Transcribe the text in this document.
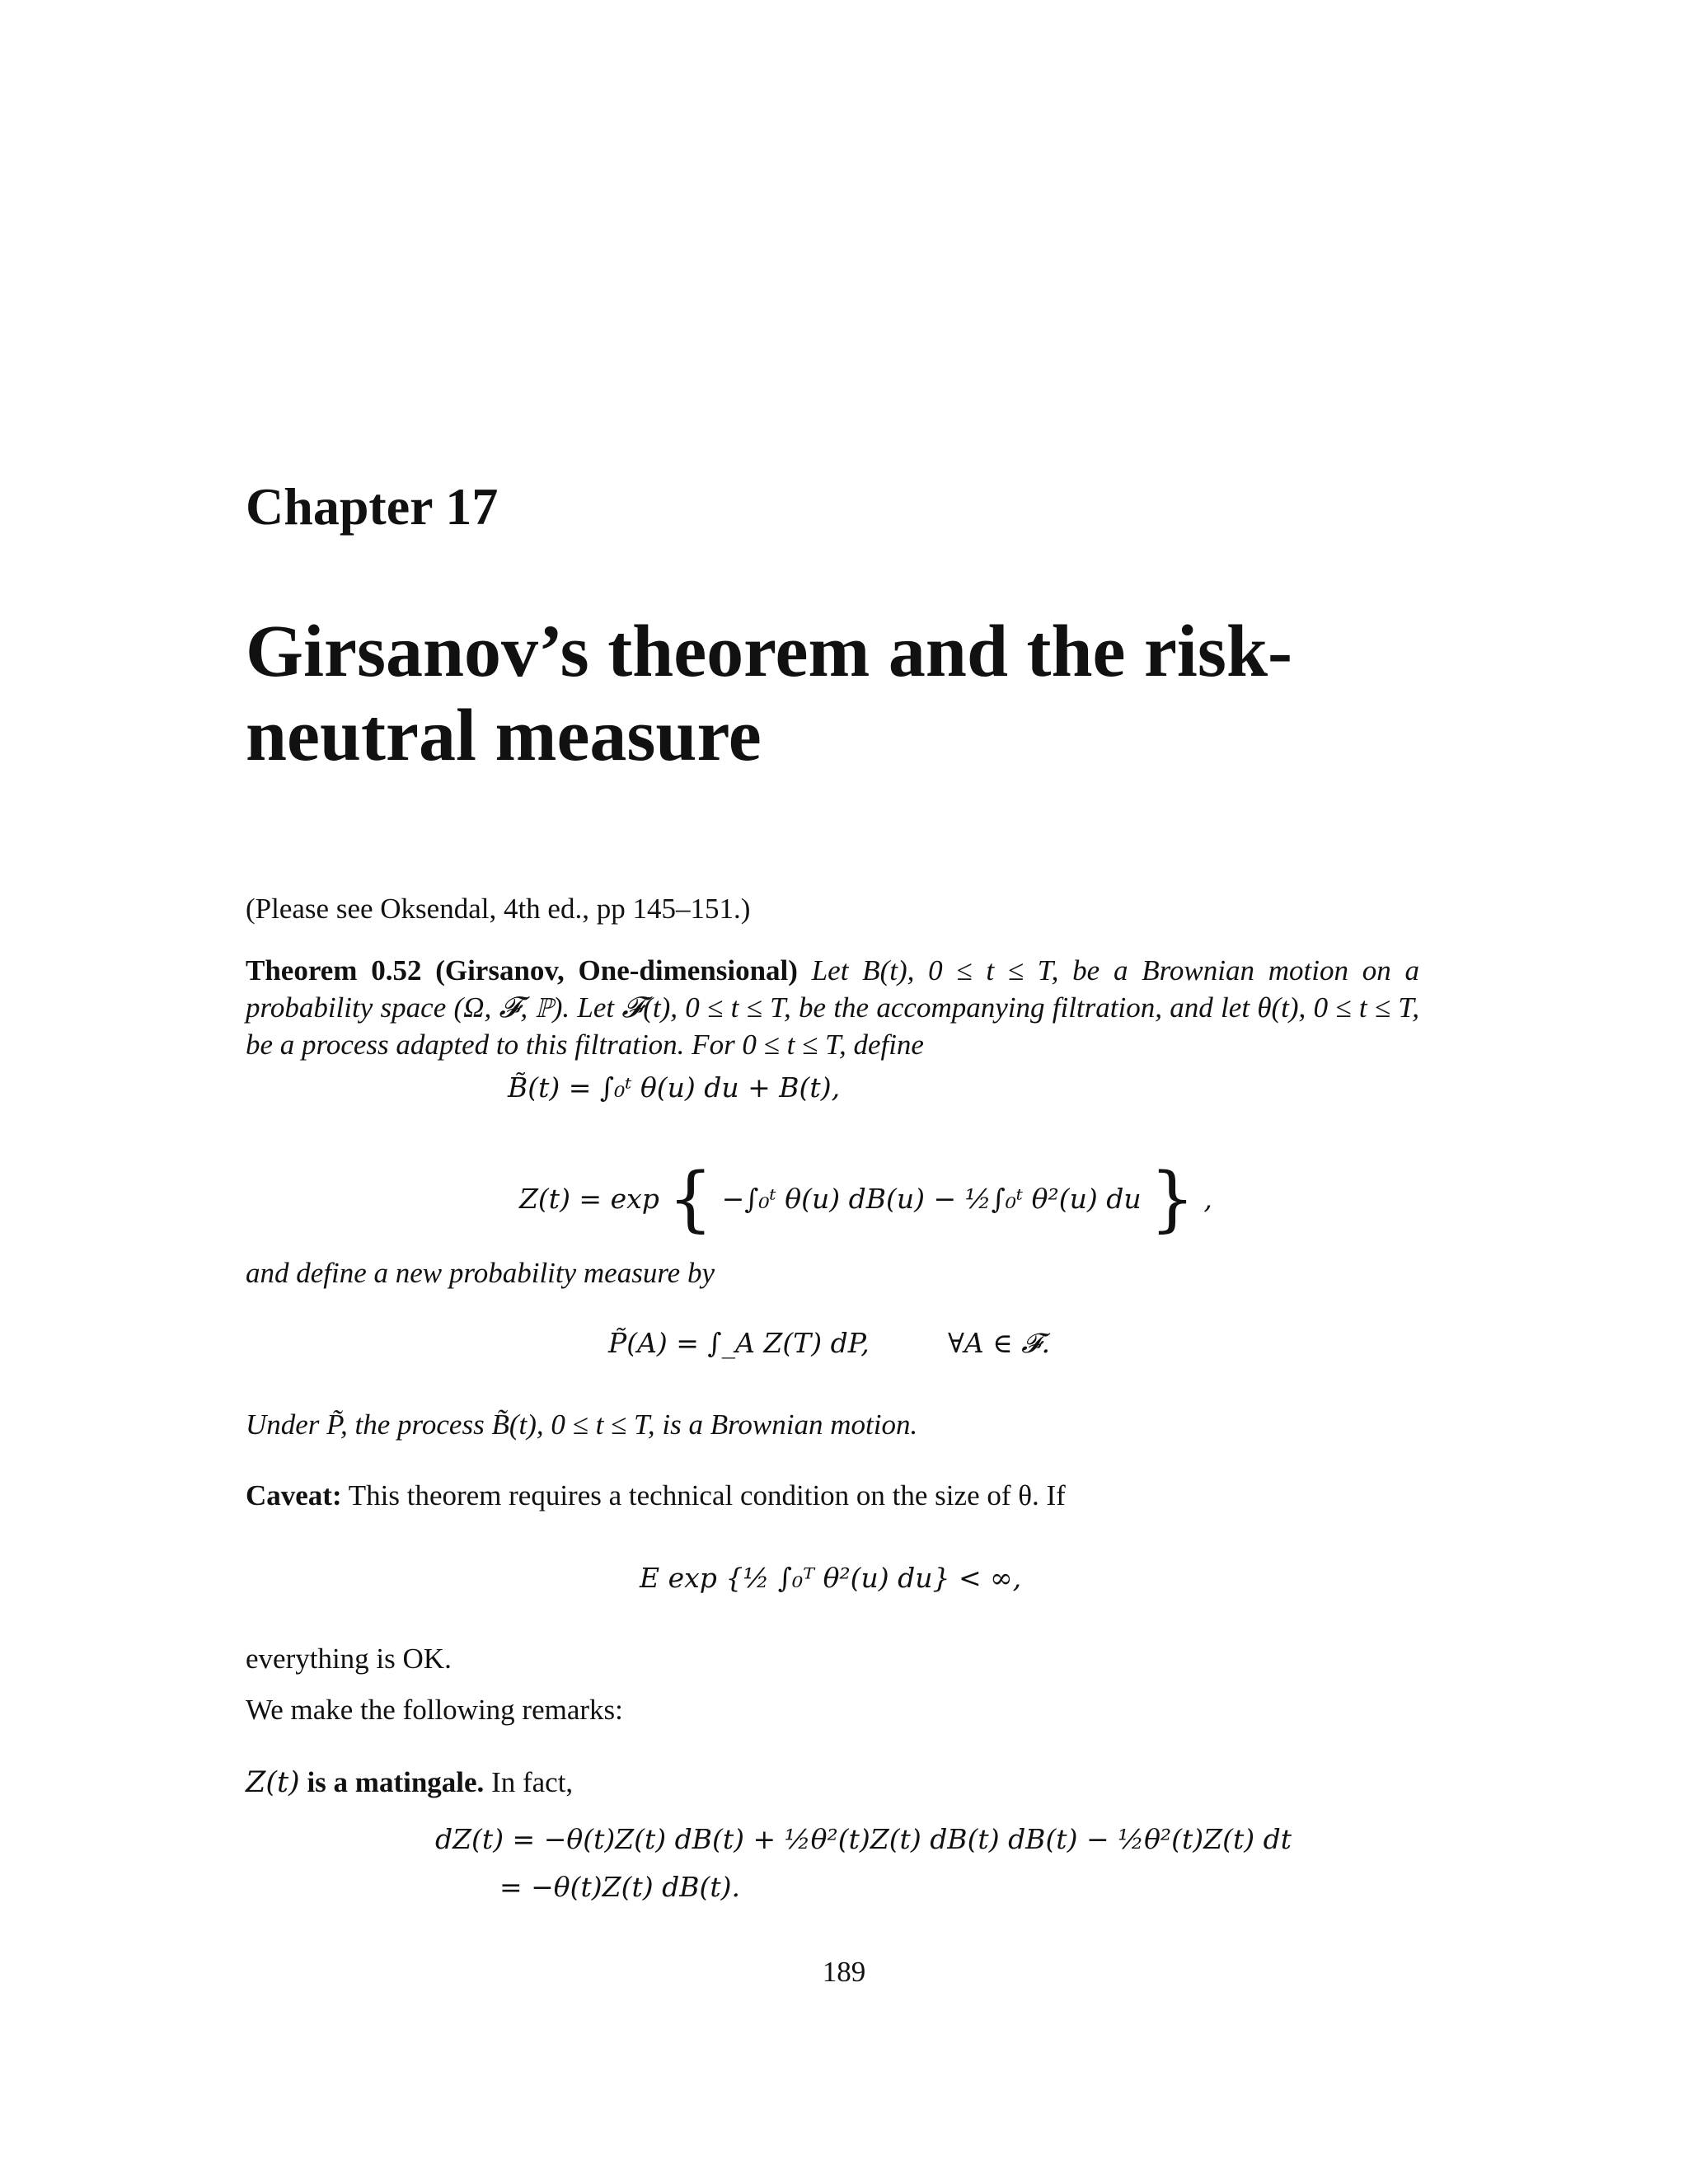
Chapter 17
Girsanov’s theorem and the risk-neutral measure
(Please see Oksendal, 4th ed., pp 145–151.)
Theorem 0.52 (Girsanov, One-dimensional) Let B(t), 0 ≤ t ≤ T, be a Brownian motion on a probability space (Ω, 𝓕, ℙ). Let 𝓕(t), 0 ≤ t ≤ T, be the accompanying filtration, and let θ(t), 0 ≤ t ≤ T, be a process adapted to this filtration. For 0 ≤ t ≤ T, define
B̃(t) = ∫₀ᵗ θ(u) du + B(t),
Z(t) = exp { −∫₀ᵗ θ(u) dB(u) − ½∫₀ᵗ θ²(u) du } ,
and define a new probability measure by
P̃(A) = ∫_A Z(T) dP,	∀A ∈ 𝓕.
Under P̃, the process B̃(t), 0 ≤ t ≤ T, is a Brownian motion.
Caveat: This theorem requires a technical condition on the size of θ. If
E exp {½ ∫₀ᵀ θ²(u) du} < ∞,
everything is OK.
We make the following remarks:
Z(t) is a matingale. In fact,
dZ(t) = −θ(t)Z(t) dB(t) + ½θ²(t)Z(t) dB(t) dB(t) − ½θ²(t)Z(t) dt
= −θ(t)Z(t) dB(t).
189
